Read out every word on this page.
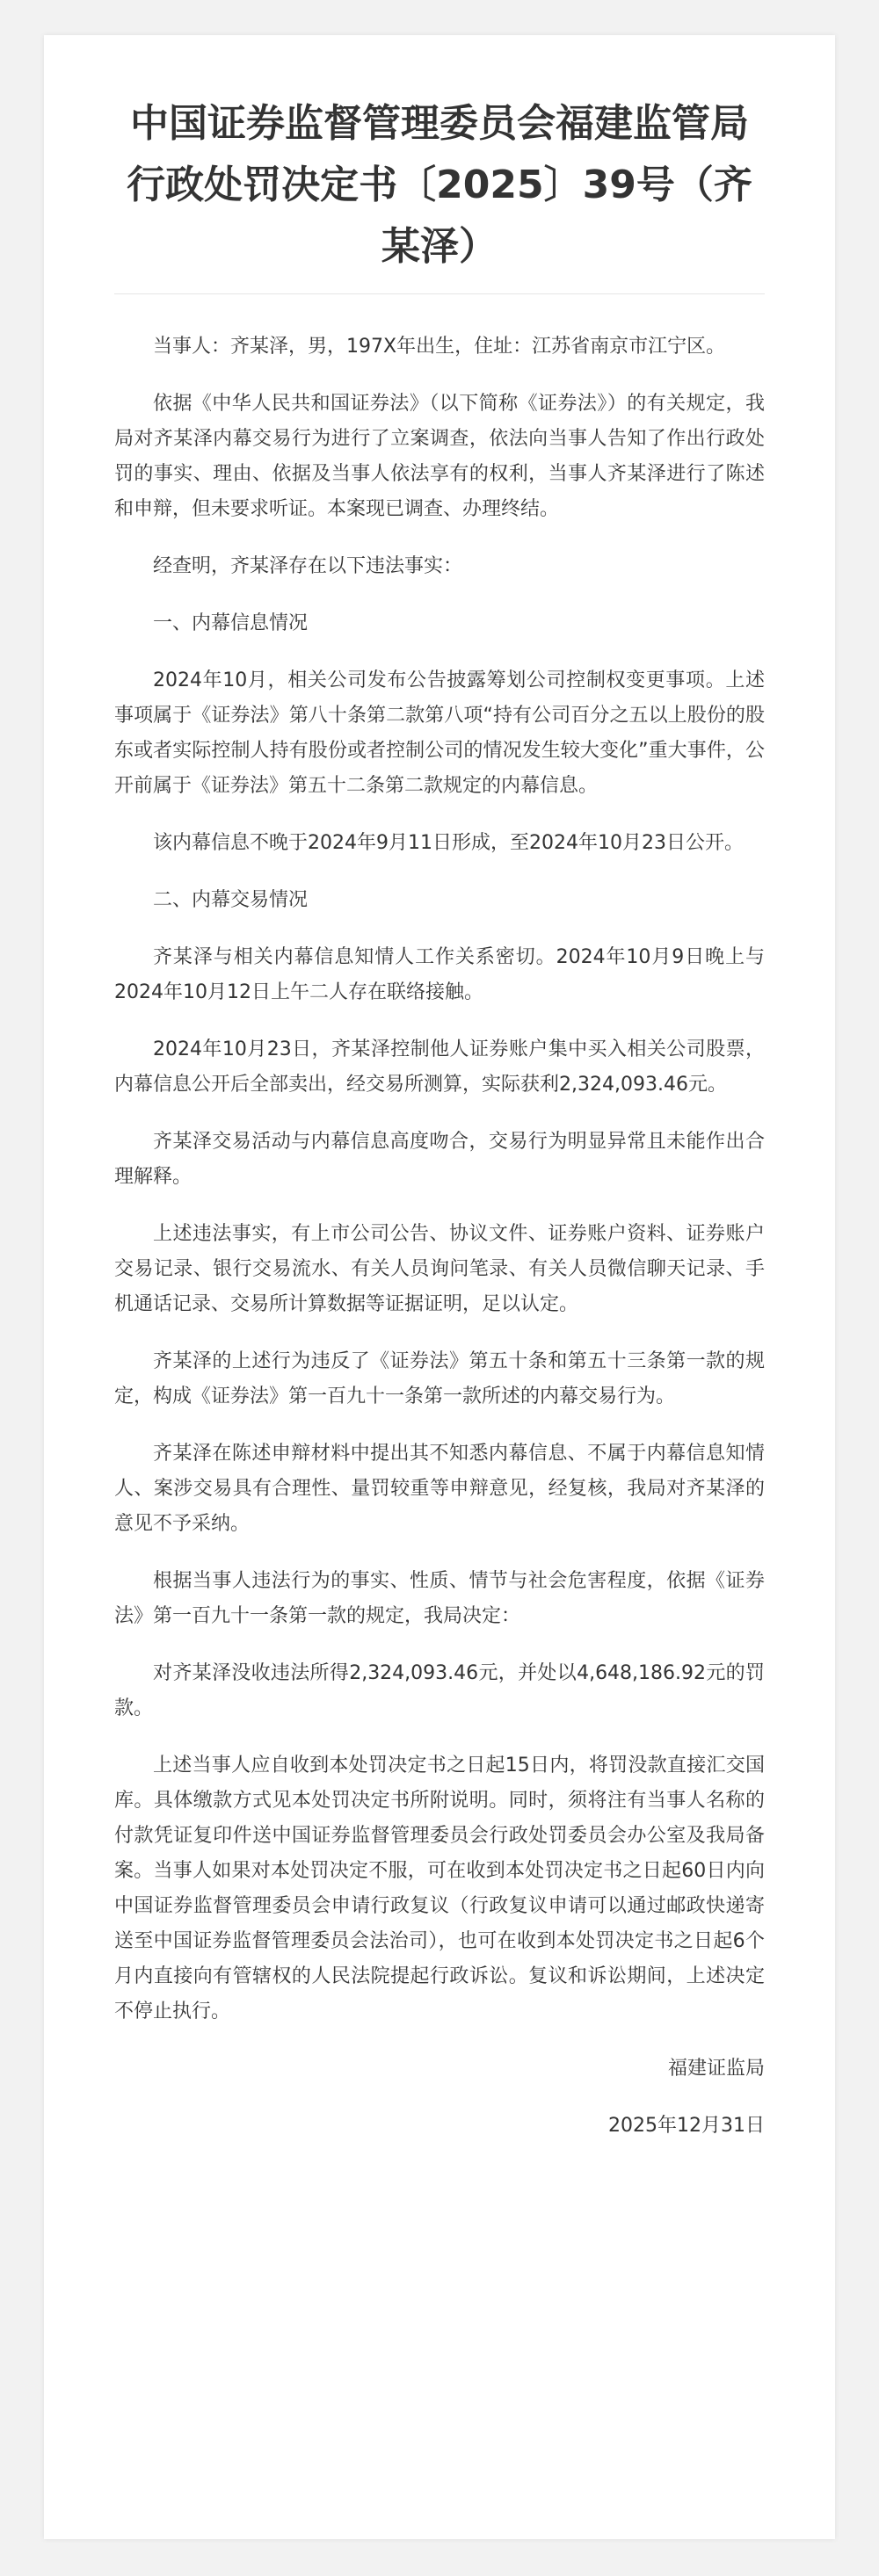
中国证券监督管理委员会福建监管局行政处罚决定书〔2025〕39号（齐某泽）

当事人：齐某泽，男，197X年出生，住址：江苏省南京市江宁区。

依据《中华人民共和国证券法》（以下简称《证券法》）的有关规定，我局对齐某泽内幕交易行为进行了立案调查，依法向当事人告知了作出行政处罚的事实、理由、依据及当事人依法享有的权利，当事人齐某泽进行了陈述和申辩，但未要求听证。本案现已调查、办理终结。

经查明，齐某泽存在以下违法事实：

一、内幕信息情况

2024年10月，相关公司发布公告披露筹划公司控制权变更事项。上述事项属于《证券法》第八十条第二款第八项“持有公司百分之五以上股份的股东或者实际控制人持有股份或者控制公司的情况发生较大变化”重大事件，公开前属于《证券法》第五十二条第二款规定的内幕信息。

该内幕信息不晚于2024年9月11日形成，至2024年10月23日公开。

二、内幕交易情况

齐某泽与相关内幕信息知情人工作关系密切。2024年10月9日晚上与2024年10月12日上午二人存在联络接触。

2024年10月23日，齐某泽控制他人证券账户集中买入相关公司股票，内幕信息公开后全部卖出，经交易所测算，实际获利2,324,093.46元。

齐某泽交易活动与内幕信息高度吻合，交易行为明显异常且未能作出合理解释。

上述违法事实，有上市公司公告、协议文件、证券账户资料、证券账户交易记录、银行交易流水、有关人员询问笔录、有关人员微信聊天记录、手机通话记录、交易所计算数据等证据证明，足以认定。

齐某泽的上述行为违反了《证券法》第五十条和第五十三条第一款的规定，构成《证券法》第一百九十一条第一款所述的内幕交易行为。

齐某泽在陈述申辩材料中提出其不知悉内幕信息、不属于内幕信息知情人、案涉交易具有合理性、量罚较重等申辩意见，经复核，我局对齐某泽的意见不予采纳。

根据当事人违法行为的事实、性质、情节与社会危害程度，依据《证券法》第一百九十一条第一款的规定，我局决定：

对齐某泽没收违法所得2,324,093.46元，并处以4,648,186.92元的罚款。

上述当事人应自收到本处罚决定书之日起15日内，将罚没款直接汇交国库。具体缴款方式见本处罚决定书所附说明。同时，须将注有当事人名称的付款凭证复印件送中国证券监督管理委员会行政处罚委员会办公室及我局备案。当事人如果对本处罚决定不服，可在收到本处罚决定书之日起60日内向中国证券监督管理委员会申请行政复议（行政复议申请可以通过邮政快递寄送至中国证券监督管理委员会法治司），也可在收到本处罚决定书之日起6个月内直接向有管辖权的人民法院提起行政诉讼。复议和诉讼期间，上述决定不停止执行。

福建证监局

2025年12月31日
